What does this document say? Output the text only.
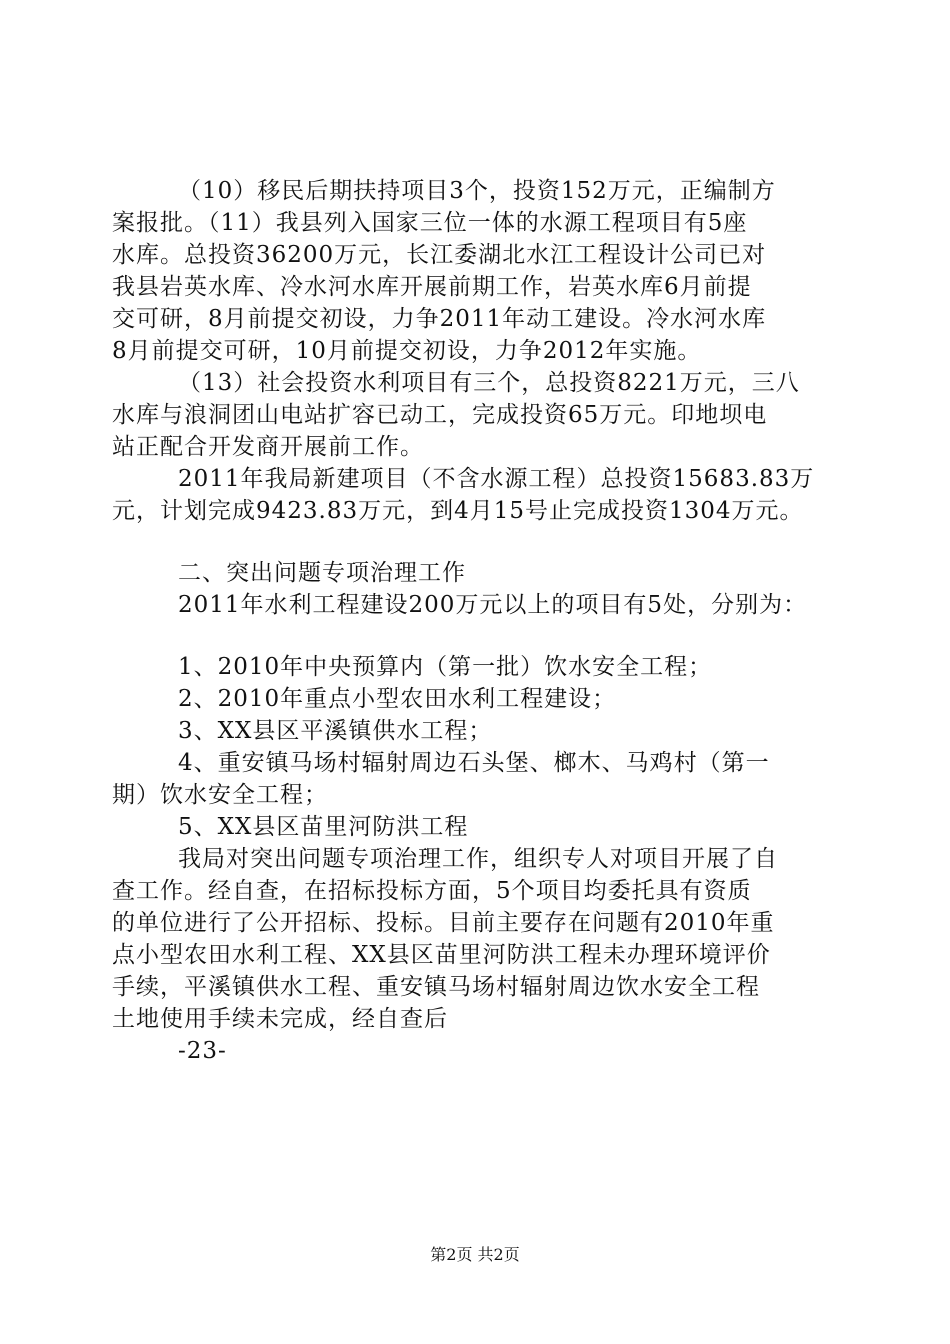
（10）移民后期扶持项目3个，投资152万元，正编制方
案报批。（11）我县列入国家三位一体的水源工程项目有5座
水库。总投资36200万元，长江委湖北水江工程设计公司已对
我县岩英水库、冷水河水库开展前期工作，岩英水库6月前提
交可研，8月前提交初设，力争2011年动工建设。冷水河水库
8月前提交可研，10月前提交初设，力争2012年实施。
（13）社会投资水利项目有三个，总投资8221万元，三八
水库与浪洞团山电站扩容已动工，完成投资65万元。印地坝电
站正配合开发商开展前工作。
2011年我局新建项目（不含水源工程）总投资15683.83万
元，计划完成9423.83万元，到4月15号止完成投资1304万元。
二、突出问题专项治理工作
2011年水利工程建设200万元以上的项目有5处，分别为：
1、2010年中央预算内（第一批）饮水安全工程；
2、2010年重点小型农田水利工程建设；
3、XX县区平溪镇供水工程；
4、重安镇马场村辐射周边石头堡、榔木、马鸡村（第一
期）饮水安全工程；
5、XX县区苗里河防洪工程
我局对突出问题专项治理工作，组织专人对项目开展了自
查工作。经自查，在招标投标方面，5个项目均委托具有资质
的单位进行了公开招标、投标。目前主要存在问题有2010年重
点小型农田水利工程、XX县区苗里河防洪工程未办理环境评价
手续，平溪镇供水工程、重安镇马场村辐射周边饮水安全工程
土地使用手续未完成，经自查后
-23-
第2页 共2页
